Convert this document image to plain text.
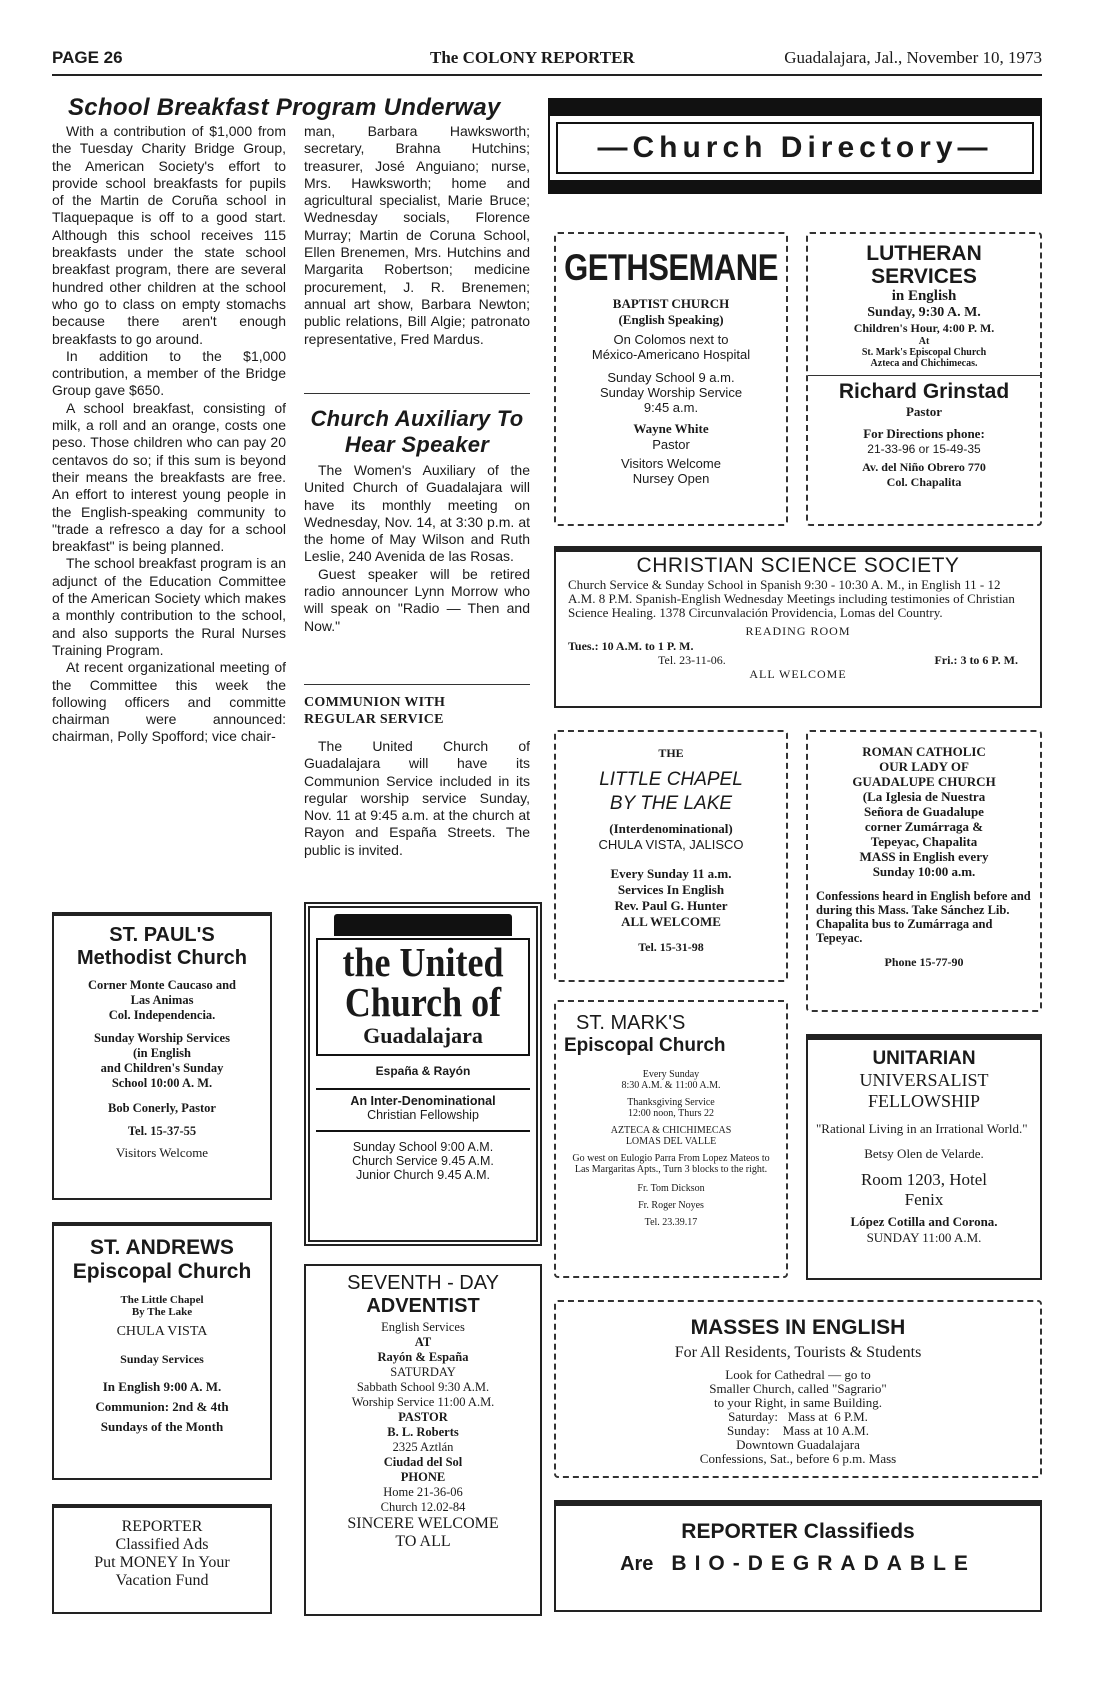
PAGE 26	The COLONY REPORTER	Guadalajara, Jal., November 10, 1973
School Breakfast Program Underway

With a contribution of $1,000 from the Tuesday Charity Bridge Group, the American Society's effort to provide school breakfasts for pupils of the Martin de Coruña school in Tlaquepaque is off to a good start. Although this school receives 115 breakfasts under the state school breakfast program, there are several hundred other children at the school who go to class on empty stomachs because there aren't enough breakfasts to go around.

In addition to the $1,000 contribution, a member of the Bridge Group gave $650.

A school breakfast, consisting of milk, a roll and an orange, costs one peso. Those children who can pay 20 centavos do so; if this sum is beyond their means the breakfasts are free. An effort to interest young people in the English-speaking community to "trade a refresco a day for a school breakfast" is being planned.

The school breakfast program is an adjunct of the Education Committee of the American Society which makes a monthly contribution to the school, and also supports the Rural Nurses Training Program.

At recent organizational meeting of the Committee this week the following officers and committe chairman were announced: chairman, Polly Spofford; vice chair-

man, Barbara Hawksworth; secretary, Brahna Hutchins; treasurer, José Anguiano; nurse, Mrs. Hawksworth; home and agricultural specialist, Marie Bruce; Wednesday socials, Florence Murray; Martin de Coruna School, Ellen Brenemen, Mrs. Hutchins and Margarita Robertson; medicine procurement, J. R. Brenemen; annual art show, Barbara Newton; public relations, Bill Algie; patronato representative, Fred Mardus.

Church Auxiliary To Hear Speaker

The Women's Auxiliary of the United Church of Guadalajara will have its monthly meeting on Wednesday, Nov. 14, at 3:30 p.m. at the home of May Wilson and Ruth Leslie, 240 Avenida de las Rosas.

Guest speaker will be retired radio announcer Lynn Morrow who will speak on "Radio — Then and Now."

COMMUNION WITH REGULAR SERVICE

The United Church of Guadalajara will have its Communion Service included in its regular worship service Sunday, Nov. 11 at 9:45 a.m. at the church at Rayon and España Streets. The public is invited.

—Church Directory—
GETHSEMANE
BAPTIST CHURCH
(English Speaking)
On Colomos next to
México-Americano Hospital
Sunday School 9 a.m.
Sunday Worship Service
9:45 a.m.
Wayne White
Pastor
Visitors Welcome
Nursey Open
LUTHERAN
SERVICES
in English
Sunday, 9:30 A. M.
Children's Hour, 4:00 P. M.
At
St. Mark's Episcopal Church
Azteca and Chichimecas.
Richard Grinstad
Pastor
For Directions phone:
21-33-96 or 15-49-35
Av. del Niño Obrero 770
Col. Chapalita
CHRISTIAN SCIENCE SOCIETY
Church Service & Sunday School in Spanish 9:30 - 10:30 A. M., in English 11 - 12 A.M. 8 P.M. Spanish-English Wednesday Meetings including testimonies of Christian Science Healing. 1378 Circunvalación Providencia, Lomas del Country.
READING ROOM
Tues.: 10 A.M. to 1 P. M.
Tel. 23-11-06.	Fri.: 3 to 6 P. M.
ALL WELCOME
THE
LITTLE CHAPEL
BY THE LAKE
(Interdenominational)
CHULA VISTA, JALISCO
Every Sunday 11 a.m.
Services In English
Rev. Paul G. Hunter
ALL WELCOME
Tel. 15-31-98
ROMAN CATHOLIC
OUR LADY OF
GUADALUPE CHURCH
(La Iglesia de Nuestra
Señora de Guadalupe
corner Zumárraga &
Tepeyac, Chapalita
MASS in English every
Sunday 10:00 a.m.
Confessions heard in English before and during this Mass. Take Sánchez Lib. Chapalita bus to Zumárraga and Tepeyac.
Phone 15-77-90
ST. MARK'S
Episcopal Church
Every Sunday
8:30 A.M. & 11:00 A.M.
Thanksgiving Service
12:00 noon, Thurs 22
AZTECA & CHICHIMECAS
LOMAS DEL VALLE
Go west on Eulogio Parra From Lopez Mateos to Las Margaritas Apts., Turn 3 blocks to the right.
Fr. Tom Dickson
Fr. Roger Noyes
Tel. 23.39.17
UNITARIAN
UNIVERSALIST
FELLOWSHIP
"Rational Living in an Irrational World."
Betsy Olen de Velarde.
Room 1203, Hotel
Fenix
López Cotilla and Corona.
SUNDAY 11:00 A.M.
ST. PAUL'S
Methodist Church
Corner Monte Caucaso and
Las Animas
Col. Independencia.
Sunday Worship Services
(in English
and Children's Sunday
School 10:00 A. M.
Bob Conerly, Pastor
Tel. 15-37-55
Visitors Welcome
ST. ANDREWS
Episcopal Church
The Little Chapel
By The Lake
CHULA VISTA
Sunday Services
In English 9:00 A. M.
Communion: 2nd & 4th
Sundays of the Month
REPORTER
Classified Ads
Put MONEY In Your
Vacation Fund
the United
Church of
Guadalajara
España & Rayón
An Inter-Denominational
Christian Fellowship
Sunday School 9:00 A.M.
Church Service 9.45 A.M.
Junior Church 9.45 A.M.
SEVENTH - DAY
ADVENTIST
English Services
AT
Rayón & España
SATURDAY
Sabbath School 9:30 A.M.
Worship Service 11:00 A.M.
PASTOR
B. L. Roberts
2325 Aztlán
Ciudad del Sol
PHONE
Home 21-36-06
Church 12.02-84
SINCERE WELCOME
TO ALL
MASSES IN ENGLISH
For All Residents, Tourists & Students
Look for Cathedral — go to
Smaller Church, called "Sagrario"
to your Right, in same Building.
Saturday:   Mass at  6 P.M.
Sunday:    Mass at 10 A.M.
Downtown Guadalajara
Confessions, Sat., before 6 p.m. Mass
REPORTER Classifieds
Are BIO-DEGRADABLE
